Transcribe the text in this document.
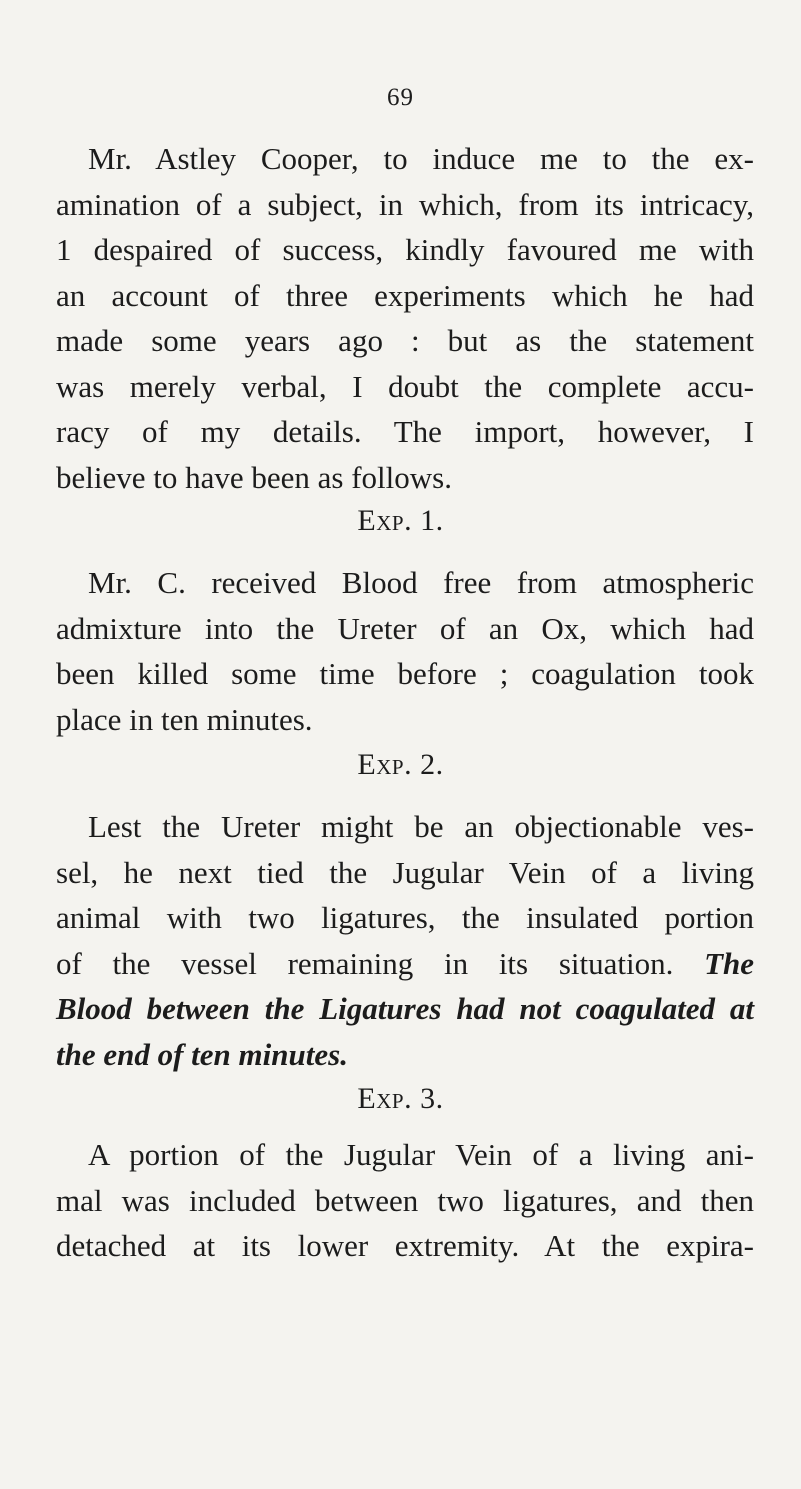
69
Mr. Astley Cooper, to induce me to the ex-
amination of a subject, in which, from its intricacy,
1 despaired of success, kindly favoured me with
an account of three experiments which he had
made some years ago : but as the statement
was merely verbal, I doubt the complete accu-
racy of my details. The import, however, I
believe to have been as follows.
Exp. 1.
Mr. C. received Blood free from atmospheric
admixture into the Ureter of an Ox, which had
been killed some time before ; coagulation took
place in ten minutes.
Exp. 2.
Lest the Ureter might be an objectionable ves-
sel, he next tied the Jugular Vein of a living
animal with two ligatures, the insulated portion
of the vessel remaining in its situation. The
Blood between the Ligatures had not coagulated at
the end of ten minutes.
Exp. 3.
A portion of the Jugular Vein of a living ani-
mal was included between two ligatures, and then
detached at its lower extremity. At the expira-
